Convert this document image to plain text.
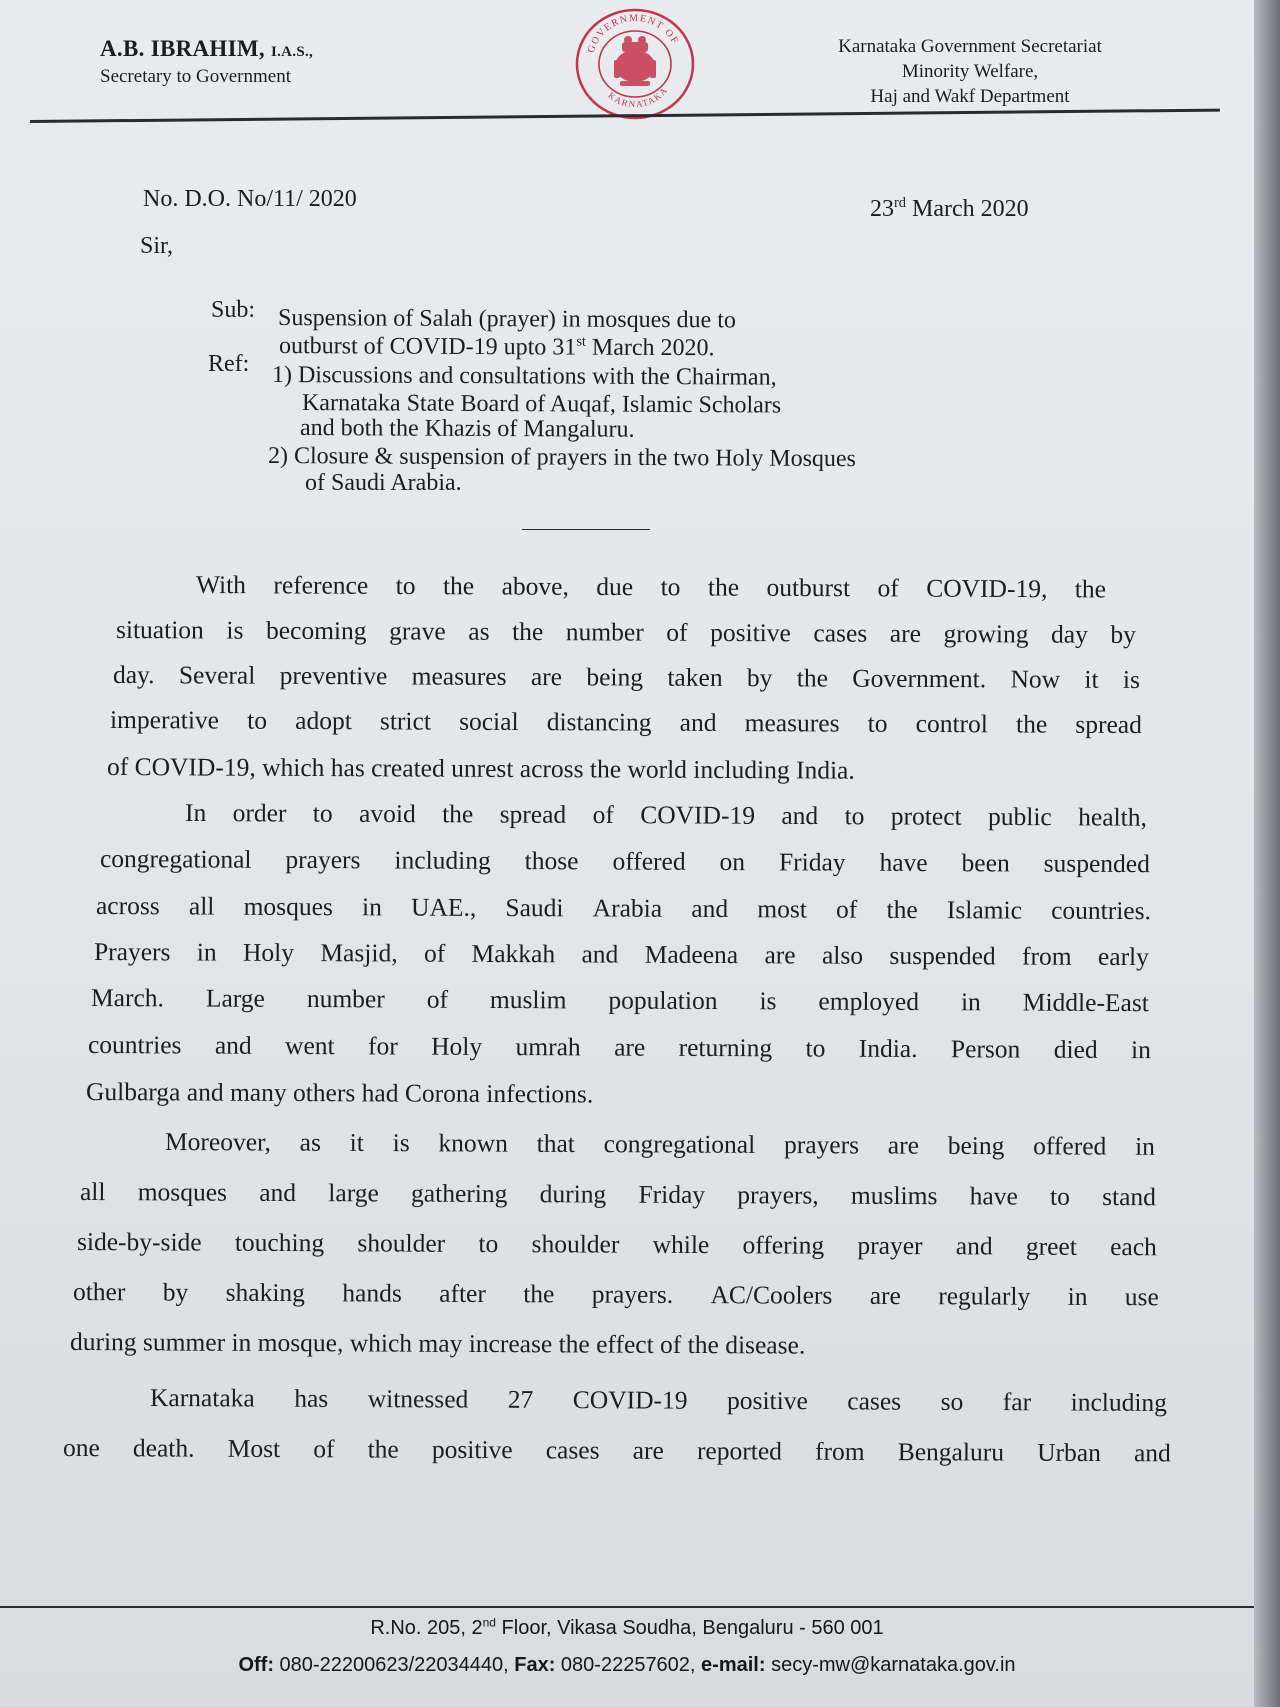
A.B. IBRAHIM, I.A.S.,
Secretary to Government
GOVERNMENT OF
KARNATAKA
Karnataka Government Secretariat
Minority Welfare,
Haj and Wakf Department
No. D.O. No/11/ 2020	23rd March 2020
Sir,
Sub: Suspension of Salah (prayer) in mosques due to
outburst of COVID-19 upto 31st March 2020.
Ref: 1) Discussions and consultations with the Chairman,
Karnataka State Board of Auqaf, Islamic Scholars
and both the Khazis of Mangaluru.
2) Closure & suspension of prayers in the two Holy Mosques
of Saudi Arabia.
With reference to the above, due to the outburst of COVID-19, the
situation is becoming grave as the number of positive cases are growing day by
day. Several preventive measures are being taken by the Government. Now it is
imperative to adopt strict social distancing and measures to control the spread
of COVID-19, which has created unrest across the world including India.
In order to avoid the spread of COVID-19 and to protect public health,
congregational prayers including those offered on Friday have been suspended
across all mosques in UAE., Saudi Arabia and most of the Islamic countries.
Prayers in Holy Masjid, of Makkah and Madeena are also suspended from early
March. Large number of muslim population is employed in Middle-East
countries and went for Holy umrah are returning to India. Person died in
Gulbarga and many others had Corona infections.
Moreover, as it is known that congregational prayers are being offered in
all mosques and large gathering during Friday prayers, muslims have to stand
side-by-side touching shoulder to shoulder while offering prayer and greet each
other by shaking hands after the prayers. AC/Coolers are regularly in use
during summer in mosque, which may increase the effect of the disease.
Karnataka has witnessed 27 COVID-19 positive cases so far including
one death. Most of the positive cases are reported from Bengaluru Urban and
R.No. 205, 2nd Floor, Vikasa Soudha, Bengaluru - 560 001
Off: 080-22200623/22034440, Fax: 080-22257602, e-mail: secy-mw@karnataka.gov.in
